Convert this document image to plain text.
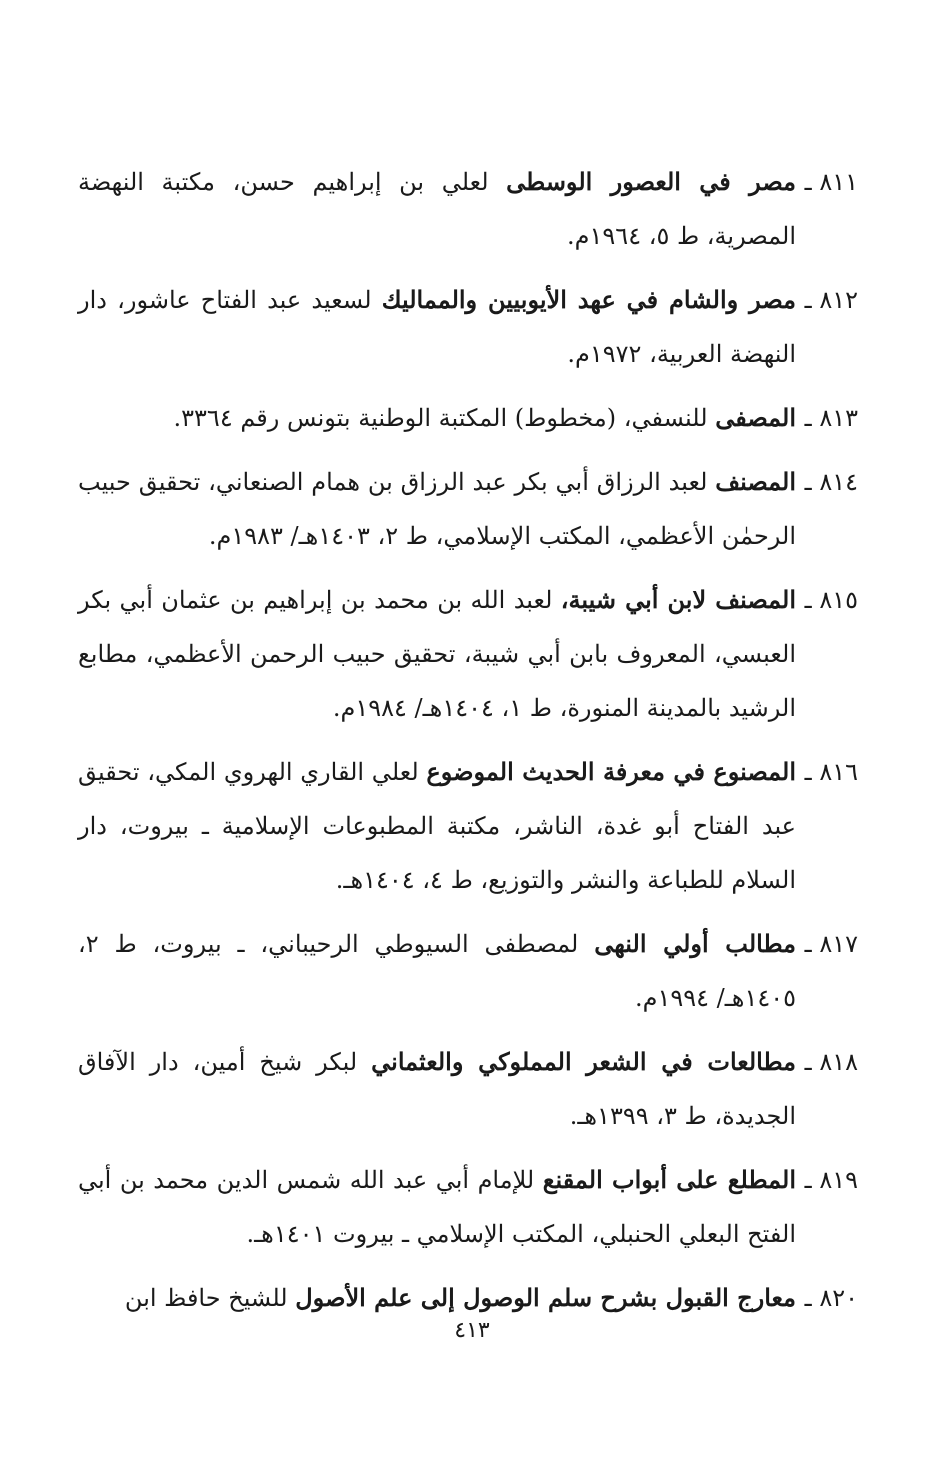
٨١١ ـمصر في العصور الوسطى لعلي بن إبراهيم حسن، مكتبة النهضة المصرية، ط ٥، ١٩٦٤م.

٨١٢ ـمصر والشام في عهد الأيوبيين والمماليك لسعيد عبد الفتاح عاشور، دار النهضة العربية، ١٩٧٢م.

٨١٣ ـالمصفى للنسفي، (مخطوط) المكتبة الوطنية بتونس رقم ٣٣٦٤.

٨١٤ ـالمصنف لعبد الرزاق أبي بكر عبد الرزاق بن همام الصنعاني، تحقيق حبيب الرحمٰن الأعظمي، المكتب الإسلامي، ط ٢، ١٤٠٣هـ/ ١٩٨٣م.

٨١٥ ـالمصنف لابن أبي شيبة، لعبد الله بن محمد بن إبراهيم بن عثمان أبي بكر العبسي، المعروف بابن أبي شيبة، تحقيق حبيب الرحمن الأعظمي، مطابع الرشيد بالمدينة المنورة، ط ١، ١٤٠٤هـ/ ١٩٨٤م.

٨١٦ ـالمصنوع في معرفة الحديث الموضوع لعلي القاري الهروي المكي، تحقيق عبد الفتاح أبو غدة، الناشر، مكتبة المطبوعات الإسلامية ـ بيروت، دار السلام للطباعة والنشر والتوزيع، ط ٤، ١٤٠٤هـ.

٨١٧ ـمطالب أولي النهى لمصطفى السيوطي الرحيباني، ـ بيروت، ط ٢، ١٤٠٥هـ/ ١٩٩٤م.

٨١٨ ـمطالعات في الشعر المملوكي والعثماني لبكر شيخ أمين، دار الآفاق الجديدة، ط ٣، ١٣٩٩هـ.

٨١٩ ـالمطلع على أبواب المقنع للإمام أبي عبد الله شمس الدين محمد بن أبي الفتح البعلي الحنبلي، المكتب الإسلامي ـ بيروت ١٤٠١هـ.

٨٢٠ ـمعارج القبول بشرح سلم الوصول إلى علم الأصول للشيخ حافظ ابن

٤١٣
